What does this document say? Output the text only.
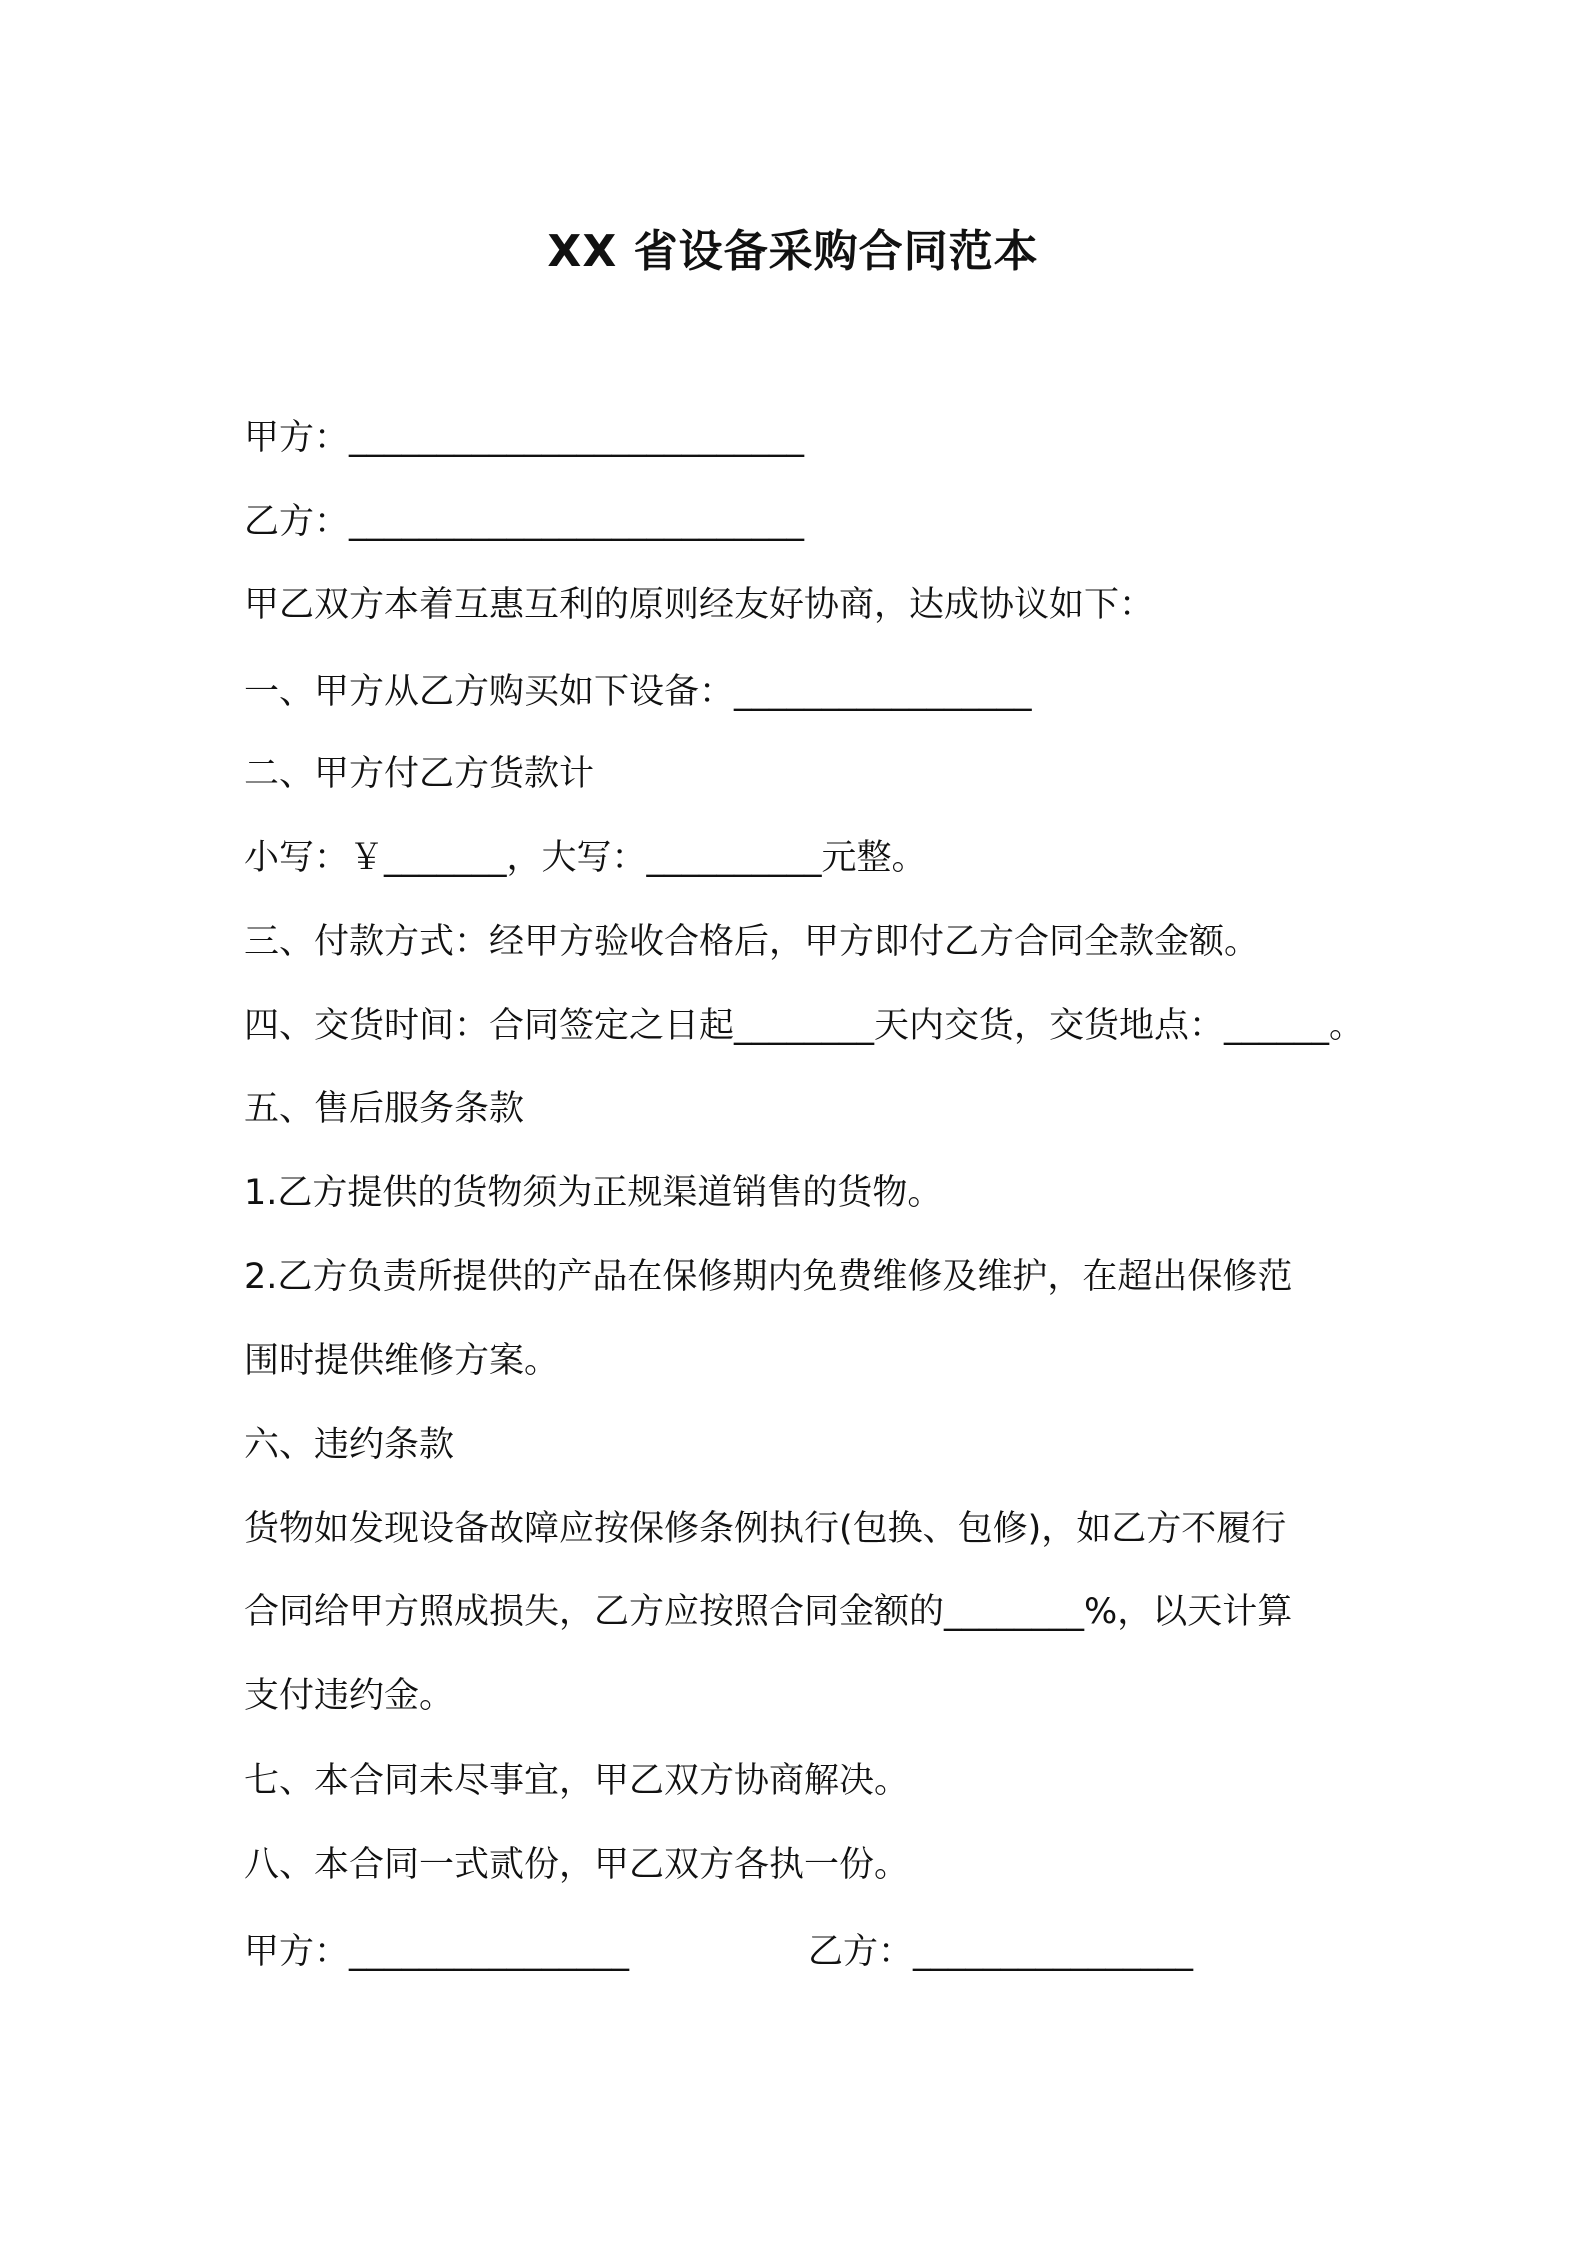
XX 省设备采购合同范本
甲方：__________________________
乙方：__________________________
甲乙双方本着互惠互利的原则经友好协商，达成协议如下：
一、甲方从乙方购买如下设备：_________________
二、甲方付乙方货款计
小写：￥_______，大写：__________元整。
三、付款方式：经甲方验收合格后，甲方即付乙方合同全款金额。
四、交货时间：合同签定之日起________天内交货，交货地点：______。
五、售后服务条款
1.乙方提供的货物须为正规渠道销售的货物。
2.乙方负责所提供的产品在保修期内免费维修及维护，在超出保修范
围时提供维修方案。
六、违约条款
货物如发现设备故障应按保修条例执行(包换、包修)，如乙方不履行
合同给甲方照成损失，乙方应按照合同金额的________%，以天计算
支付违约金。
七、本合同未尽事宜，甲乙双方协商解决。
八、本合同一式贰份，甲乙双方各执一份。
甲方：________________	乙方：________________
